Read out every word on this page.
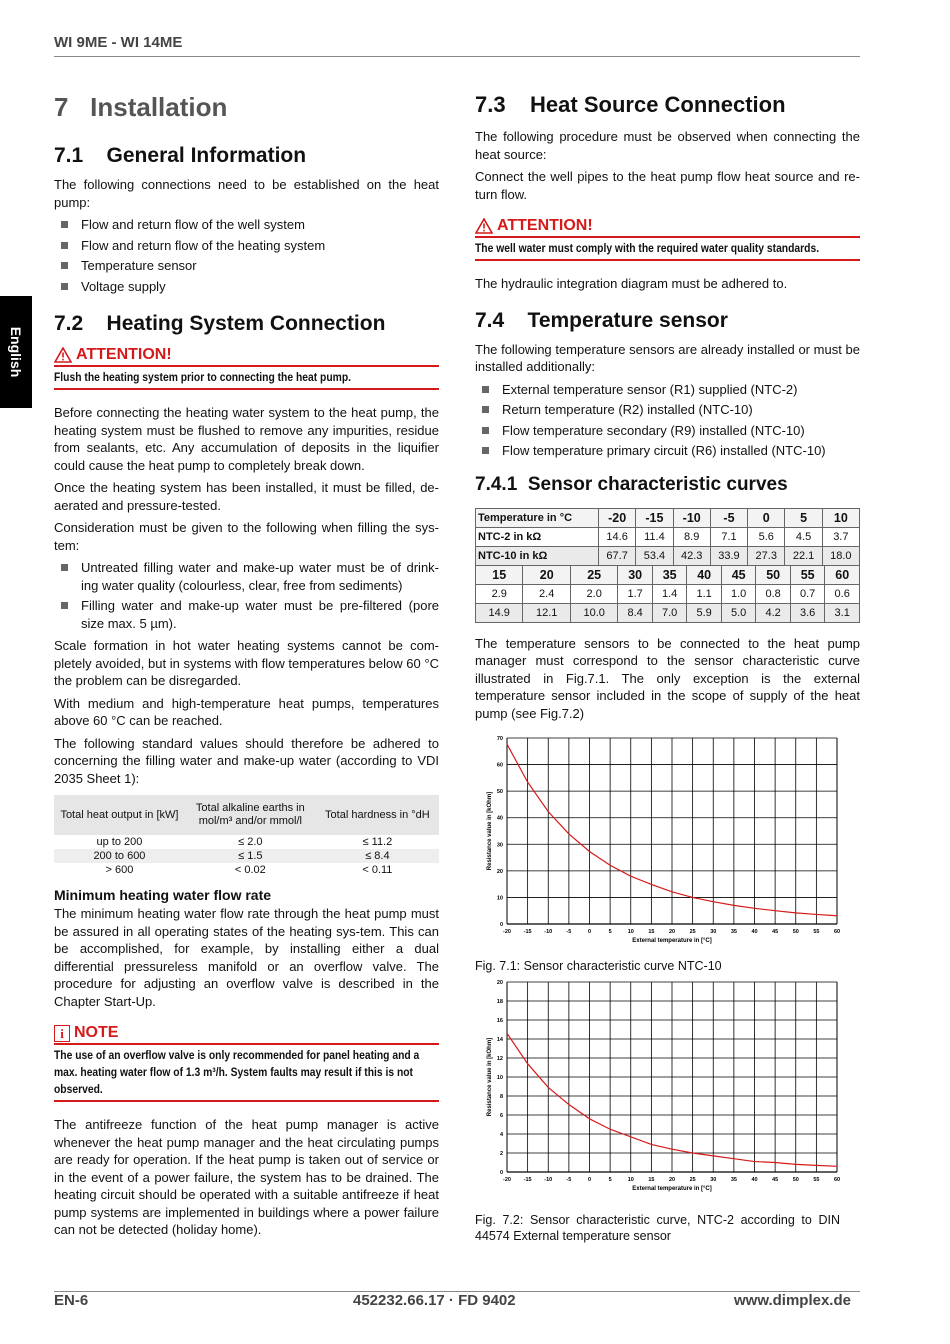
WI 9ME - WI 14ME
English
7 Installation
7.1 General Information

The following connections need to be established on the heat pump:

Flow and return flow of the well system
Flow and return flow of the heating system
Temperature sensor
Voltage supply
7.2 Heating System Connection
ATTENTION!
Flush the heating system prior to connecting the heat pump.

Before connecting the heating water system to the heat pump, the heating system must be flushed to remove any impurities, residue from sealants, etc. Any accumulation of deposits in the liquifier could cause the heat pump to completely break down.

Once the heating system has been installed, it must be filled, de-aerated and pressure-tested.

Consideration must be given to the following when filling the sys-tem:

Untreated filling water and make-up water must be of drink-ing water quality (colourless, clear, free from sediments)
Filling water and make-up water must be pre-filtered (pore size max. 5 µm).

Scale formation in hot water heating systems cannot be com-pletely avoided, but in systems with flow temperatures below 60 °C the problem can be disregarded.

With medium and high-temperature heat pumps, temperatures above 60 °C can be reached.

The following standard values should therefore be adhered to concerning the filling water and make-up water (according to VDI 2035 Sheet 1):

Total heat output in [kW]	Total alkaline earths in mol/m³ and/or mmol/l	Total hardness in °dH
up to 200	≤ 2.0	≤ 11.2
200 to 600	≤ 1.5	≤ 8.4
> 600	< 0.02	< 0.11
Minimum heating water flow rate

The minimum heating water flow rate through the heat pump must be assured in all operating states of the heating sys-tem. This can be accomplished, for example, by installing either a dual differential pressureless manifold or an overflow valve. The procedure for adjusting an overflow valve is described in the Chapter Start-Up.

i NOTE
The use of an overflow valve is only recommended for panel heating and a max. heating water flow of 1.3 m³/h. System faults may result if this is not observed.

The antifreeze function of the heat pump manager is active whenever the heat pump manager and the heat circulating pumps are ready for operation. If the heat pump is taken out of service or in the event of a power failure, the system has to be drained. The heating circuit should be operated with a suitable antifreeze if heat pump systems are implemented in buildings where a power failure can not be detected (holiday home).

7.3 Heat Source Connection

The following procedure must be observed when connecting the heat source:

Connect the well pipes to the heat pump flow heat source and re-turn flow.

ATTENTION!
The well water must comply with the required water quality standards.

The hydraulic integration diagram must be adhered to.

7.4 Temperature sensor

The following temperature sensors are already installed or must be installed additionally:

External temperature sensor (R1) supplied (NTC-2)
Return temperature (R2) installed (NTC-10)
Flow temperature secondary (R9) installed (NTC-10)
Flow temperature primary circuit (R6) installed (NTC-10)
7.4.1 Sensor characteristic curves
Temperature in °C	-20	-15	-10	-5	0	5	10
NTC-2 in kΩ	14.6	11.4	8.9	7.1	5.6	4.5	3.7
NTC-10 in kΩ	67.7	53.4	42.3	33.9	27.3	22.1	18.0
15	20	25	30	35	40	45	50	55	60
2.9	2.4	2.0	1.7	1.4	1.1	1.0	0.8	0.7	0.6
14.9	12.1	10.0	8.4	7.0	5.9	5.0	4.2	3.6	3.1

The temperature sensors to be connected to the heat pump manager must correspond to the sensor characteristic curve illustrated in Fig.7.1. The only exception is the external temperature sensor included in the scope of supply of the heat pump (see Fig.7.2)

-20 -15 -10	-5	0	5	10	15	20	25	30	35	40	45	50	55	60
0
10
20
30
40
50
60
70
External temperature in [°C]
Resistance value in [kOhm]
Fig. 7.1: Sensor characteristic curve NTC-10
-20 -15 -10	-5	0	5	10	15	20	25	30	35	40	45	50	55	60
0
2
4
6
8
10
12
14
16
18
20
External temperature in [°C]
Resistance value in [kOhm]
Fig. 7.2: Sensor characteristic curve, NTC-2 according to DIN 44574 External temperature sensor
EN-6	452232.66.17 · FD 9402	www.dimplex.de
